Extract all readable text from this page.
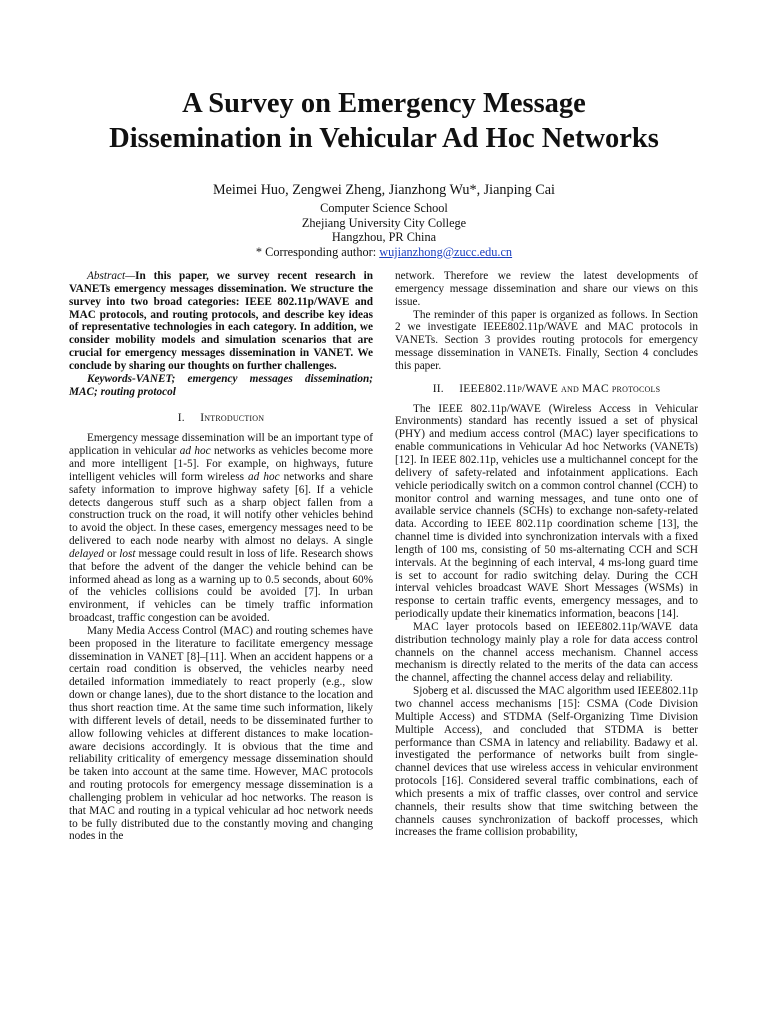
A Survey on Emergency Message
Dissemination in Vehicular Ad Hoc Networks
Meimei Huo, Zengwei Zheng, Jianzhong Wu*, Jianping Cai
Computer Science School
Zhejiang University City College
Hangzhou, PR China
* Corresponding author: wujianzhong@zucc.edu.cn

Abstract—In this paper, we survey recent research in VANETs emergency messages dissemination. We structure the survey into two broad categories: IEEE 802.11p/WAVE and MAC protocols, and routing protocols, and describe key ideas of representative technologies in each category. In addition, we consider mobility models and simulation scenarios that are crucial for emergency messages dissemination in VANET. We conclude by sharing our thoughts on further challenges.

Keywords-VANET; emergency messages dissemination; MAC; routing protocol

I. Introduction

Emergency message dissemination will be an important type of application in vehicular ad hoc networks as vehicles become more and more intelligent [1-5]. For example, on highways, future intelligent vehicles will form wireless ad hoc networks and share safety information to improve highway safety [6]. If a vehicle detects dangerous stuff such as a sharp object fallen from a construction truck on the road, it will notify other vehicles behind to avoid the object. In these cases, emergency messages need to be delivered to each node nearby with almost no delays. A single delayed or lost message could result in loss of life. Research shows that before the advent of the danger the vehicle behind can be informed ahead as long as a warning up to 0.5 seconds, about 60% of the vehicles collisions could be avoided [7]. In urban environment, if vehicles can be timely traffic information broadcast, traffic congestion can be avoided.

Many Media Access Control (MAC) and routing schemes have been proposed in the literature to facilitate emergency message dissemination in VANET [8]–[11]. When an accident happens or a certain road condition is observed, the vehicles nearby need detailed information immediately to react properly (e.g., slow down or change lanes), due to the short distance to the location and thus short reaction time. At the same time such information, likely with different levels of detail, needs to be disseminated further to allow following vehicles at different distances to make location-aware decisions accordingly. It is obvious that the time and reliability criticality of emergency message dissemination should be taken into account at the same time. However, MAC protocols and routing protocols for emergency message dissemination is a challenging problem in vehicular ad hoc networks. The reason is that MAC and routing in a typical vehicular ad hoc network needs to be fully distributed due to the constantly moving and changing nodes in the

network. Therefore we review the latest developments of emergency message dissemination and share our views on this issue.

The reminder of this paper is organized as follows. In Section 2 we investigate IEEE802.11p/WAVE and MAC protocols in VANETs. Section 3 provides routing protocols for emergency message dissemination in VANETs. Finally, Section 4 concludes this paper.

II. IEEE802.11p/WAVE and MAC protocols

The IEEE 802.11p/WAVE (Wireless Access in Vehicular Environments) standard has recently issued a set of physical (PHY) and medium access control (MAC) layer specifications to enable communications in Vehicular Ad hoc Networks (VANETs) [12]. In IEEE 802.11p, vehicles use a multichannel concept for the delivery of safety-related and infotainment applications. Each vehicle periodically switch on a common control channel (CCH) to monitor control and warning messages, and tune onto one of available service channels (SCHs) to exchange non-safety-related data. According to IEEE 802.11p coordination scheme [13], the channel time is divided into synchronization intervals with a fixed length of 100 ms, consisting of 50 ms-alternating CCH and SCH intervals. At the beginning of each interval, 4 ms-long guard time is set to account for radio switching delay. During the CCH interval vehicles broadcast WAVE Short Messages (WSMs) in response to certain traffic events, emergency messages, and to periodically update their kinematics information, beacons [14].

MAC layer protocols based on IEEE802.11p/WAVE data distribution technology mainly play a role for data access control channels on the channel access mechanism. Channel access mechanism is directly related to the merits of the data can access the channel, affecting the channel access delay and reliability.

Sjoberg et al. discussed the MAC algorithm used IEEE802.11p two channel access mechanisms [15]: CSMA (Code Division Multiple Access) and STDMA (Self-Organizing Time Division Multiple Access), and concluded that STDMA is better performance than CSMA in latency and reliability. Badawy et al. investigated the performance of networks built from single-channel devices that use wireless access in vehicular environment protocols [16]. Considered several traffic combinations, each of which presents a mix of traffic classes, over control and service channels, their results show that time switching between the channels causes synchronization of backoff processes, which increases the frame collision probability,
